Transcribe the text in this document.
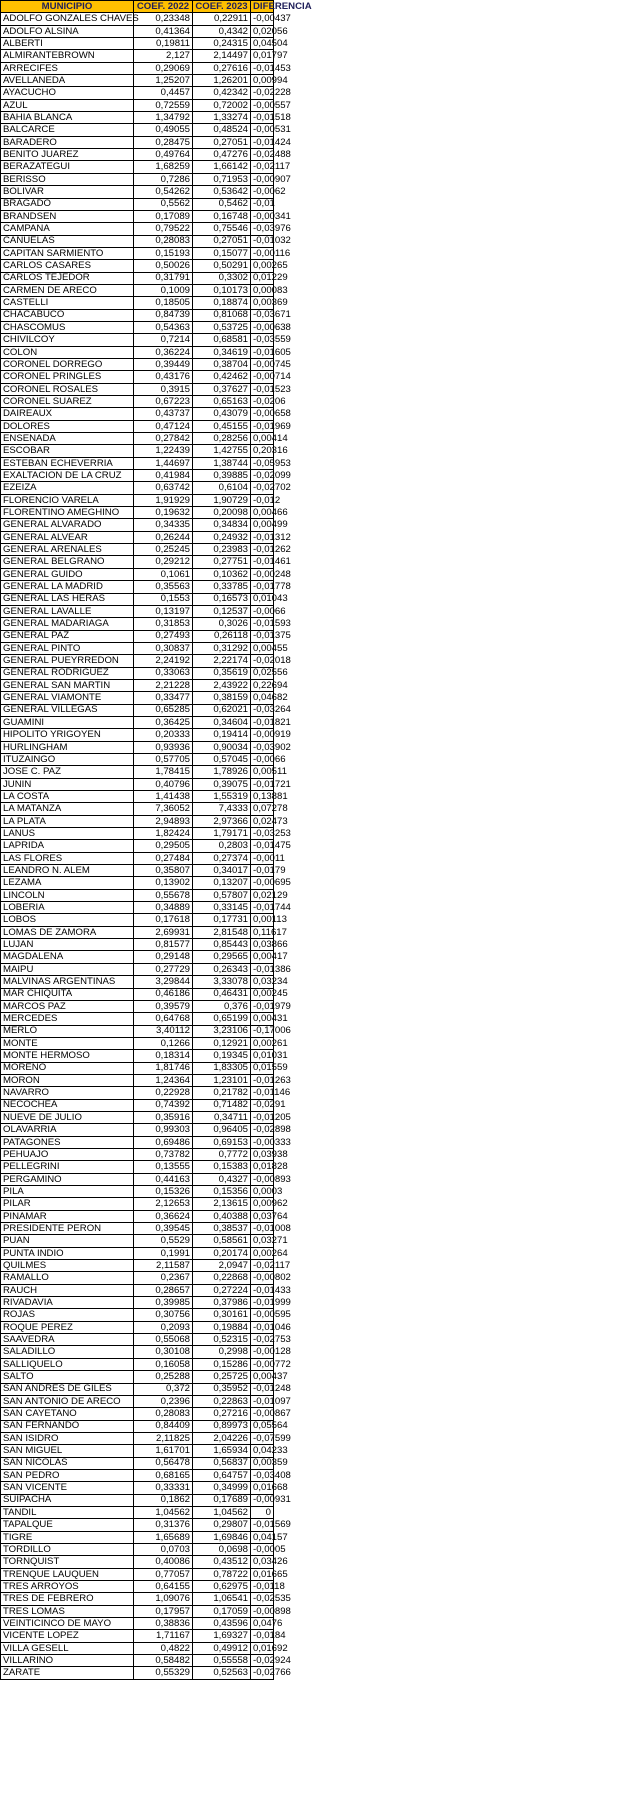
MUNICIPIO	COEF. 2022	COEF. 2023	DIFERENCIA
ADOLFO GONZALES CHAVES	0,23348	0,22911	-0,00437
ADOLFO ALSINA	0,41364	0,4342	0,02056
ALBERTI	0,19811	0,24315	0,04504
ALMIRANTEBROWN	2,127	2,14497	0,01797
ARRECIFES	0,29069	0,27616	-0,01453
AVELLANEDA	1,25207	1,26201	0,00994
AYACUCHO	0,4457	0,42342	-0,02228
AZUL	0,72559	0,72002	-0,00557
BAHIA BLANCA	1,34792	1,33274	-0,01518
BALCARCE	0,49055	0,48524	-0,00531
BARADERO	0,28475	0,27051	-0,01424
BENITO JUAREZ	0,49764	0,47276	-0,02488
BERAZATEGUI	1,68259	1,66142	-0,02117
BERISSO	0,7286	0,71953	-0,00907
BOLIVAR	0,54262	0,53642	-0,0062
BRAGADO	0,5562	0,5462	-0,01
BRANDSEN	0,17089	0,16748	-0,00341
CAMPANA	0,79522	0,75546	-0,03976
CAÑUELAS	0,28083	0,27051	-0,01032
CAPITAN SARMIENTO	0,15193	0,15077	-0,00116
CARLOS CASARES	0,50026	0,50291	0,00265
CARLOS TEJEDOR	0,31791	0,3302	0,01229
CARMEN DE ARECO	0,1009	0,10173	0,00083
CASTELLI	0,18505	0,18874	0,00369
CHACABUCO	0,84739	0,81068	-0,03671
CHASCOMUS	0,54363	0,53725	-0,00638
CHIVILCOY	0,7214	0,68581	-0,03559
COLON	0,36224	0,34619	-0,01605
CORONEL DORREGO	0,39449	0,38704	-0,00745
CORONEL PRINGLES	0,43176	0,42462	-0,00714
CORONEL ROSALES	0,3915	0,37627	-0,01523
CORONEL SUAREZ	0,67223	0,65163	-0,0206
DAIREAUX	0,43737	0,43079	-0,00658
DOLORES	0,47124	0,45155	-0,01969
ENSENADA	0,27842	0,28256	0,00414
ESCOBAR	1,22439	1,42755	0,20316
ESTEBAN ECHEVERRIA	1,44697	1,38744	-0,05953
EXALTACION DE LA CRUZ	0,41984	0,39885	-0,02099
EZEIZA	0,63742	0,6104	-0,02702
FLORENCIO VARELA	1,91929	1,90729	-0,012
FLORENTINO AMEGHINO	0,19632	0,20098	0,00466
GENERAL ALVARADO	0,34335	0,34834	0,00499
GENERAL ALVEAR	0,26244	0,24932	-0,01312
GENERAL ARENALES	0,25245	0,23983	-0,01262
GENERAL BELGRANO	0,29212	0,27751	-0,01461
GENERAL GUIDO	0,1061	0,10362	-0,00248
GENERAL LA MADRID	0,35563	0,33785	-0,01778
GENERAL LAS HERAS	0,1553	0,16573	0,01043
GENERAL LAVALLE	0,13197	0,12537	-0,0066
GENERAL MADARIAGA	0,31853	0,3026	-0,01593
GENERAL PAZ	0,27493	0,26118	-0,01375
GENERAL PINTO	0,30837	0,31292	0,00455
GENERAL PUEYRREDON	2,24192	2,22174	-0,02018
GENERAL RODRIGUEZ	0,33063	0,35619	0,02556
GENERAL SAN MARTIN	2,21228	2,43922	0,22694
GENERAL VIAMONTE	0,33477	0,38159	0,04682
GENERAL VILLEGAS	0,65285	0,62021	-0,03264
GUAMINI	0,36425	0,34604	-0,01821
HIPOLITO YRIGOYEN	0,20333	0,19414	-0,00919
HURLINGHAM	0,93936	0,90034	-0,03902
ITUZAINGO	0,57705	0,57045	-0,0066
JOSE C. PAZ	1,78415	1,78926	0,00511
JUNIN	0,40796	0,39075	-0,01721
LA COSTA	1,41438	1,55319	0,13881
LA MATANZA	7,36052	7,4333	0,07278
LA PLATA	2,94893	2,97366	0,02473
LANUS	1,82424	1,79171	-0,03253
LAPRIDA	0,29505	0,2803	-0,01475
LAS FLORES	0,27484	0,27374	-0,0011
LEANDRO N. ALEM	0,35807	0,34017	-0,0179
LEZAMA	0,13902	0,13207	-0,00695
LINCOLN	0,55678	0,57807	0,02129
LOBERIA	0,34889	0,33145	-0,01744
LOBOS	0,17618	0,17731	0,00113
LOMAS DE ZAMORA	2,69931	2,81548	0,11617
LUJAN	0,81577	0,85443	0,03866
MAGDALENA	0,29148	0,29565	0,00417
MAIPU	0,27729	0,26343	-0,01386
MALVINAS ARGENTINAS	3,29844	3,33078	0,03234
MAR CHIQUITA	0,46186	0,46431	0,00245
MARCOS PAZ	0,39579	0,376	-0,01979
MERCEDES	0,64768	0,65199	0,00431
MERLO	3,40112	3,23106	-0,17006
MONTE	0,1266	0,12921	0,00261
MONTE HERMOSO	0,18314	0,19345	0,01031
MORENO	1,81746	1,83305	0,01559
MORON	1,24364	1,23101	-0,01263
NAVARRO	0,22928	0,21782	-0,01146
NECOCHEA	0,74392	0,71482	-0,0291
NUEVE DE JULIO	0,35916	0,34711	-0,01205
OLAVARRIA	0,99303	0,96405	-0,02898
PATAGONES	0,69486	0,69153	-0,00333
PEHUAJO	0,73782	0,7772	0,03938
PELLEGRINI	0,13555	0,15383	0,01828
PERGAMINO	0,44163	0,4327	-0,00893
PILA	0,15326	0,15356	0,0003
PILAR	2,12653	2,13615	0,00962
PINAMAR	0,36624	0,40388	0,03764
PRESIDENTE PERON	0,39545	0,38537	-0,01008
PUAN	0,5529	0,58561	0,03271
PUNTA INDIO	0,1991	0,20174	0,00264
QUILMES	2,11587	2,0947	-0,02117
RAMALLO	0,2367	0,22868	-0,00802
RAUCH	0,28657	0,27224	-0,01433
RIVADAVIA	0,39985	0,37986	-0,01999
ROJAS	0,30756	0,30161	-0,00595
ROQUE PEREZ	0,2093	0,19884	-0,01046
SAAVEDRA	0,55068	0,52315	-0,02753
SALADILLO	0,30108	0,2998	-0,00128
SALLIQUELO	0,16058	0,15286	-0,00772
SALTO	0,25288	0,25725	0,00437
SAN ANDRES DE GILES	0,372	0,35952	-0,01248
SAN ANTONIO DE ARECO	0,2396	0,22863	-0,01097
SAN CAYETANO	0,28083	0,27216	-0,00867
SAN FERNANDO	0,84409	0,89973	0,05564
SAN ISIDRO	2,11825	2,04226	-0,07599
SAN MIGUEL	1,61701	1,65934	0,04233
SAN NICOLAS	0,56478	0,56837	0,00359
SAN PEDRO	0,68165	0,64757	-0,03408
SAN VICENTE	0,33331	0,34999	0,01668
SUIPACHA	0,1862	0,17689	-0,00931
TANDIL	1,04562	1,04562	0
TAPALQUE	0,31376	0,29807	-0,01569
TIGRE	1,65689	1,69846	0,04157
TORDILLO	0,0703	0,0698	-0,0005
TORNQUIST	0,40086	0,43512	0,03426
TRENQUE LAUQUEN	0,77057	0,78722	0,01665
TRES ARROYOS	0,64155	0,62975	-0,0118
TRES DE FEBRERO	1,09076	1,06541	-0,02535
TRES LOMAS	0,17957	0,17059	-0,00898
VEINTICINCO DE MAYO	0,38836	0,43596	0,0476
VICENTE LOPEZ	1,71167	1,69327	-0,0184
VILLA GESELL	0,4822	0,49912	0,01692
VILLARINO	0,58482	0,55558	-0,02924
ZARATE	0,55329	0,52563	-0,02766
